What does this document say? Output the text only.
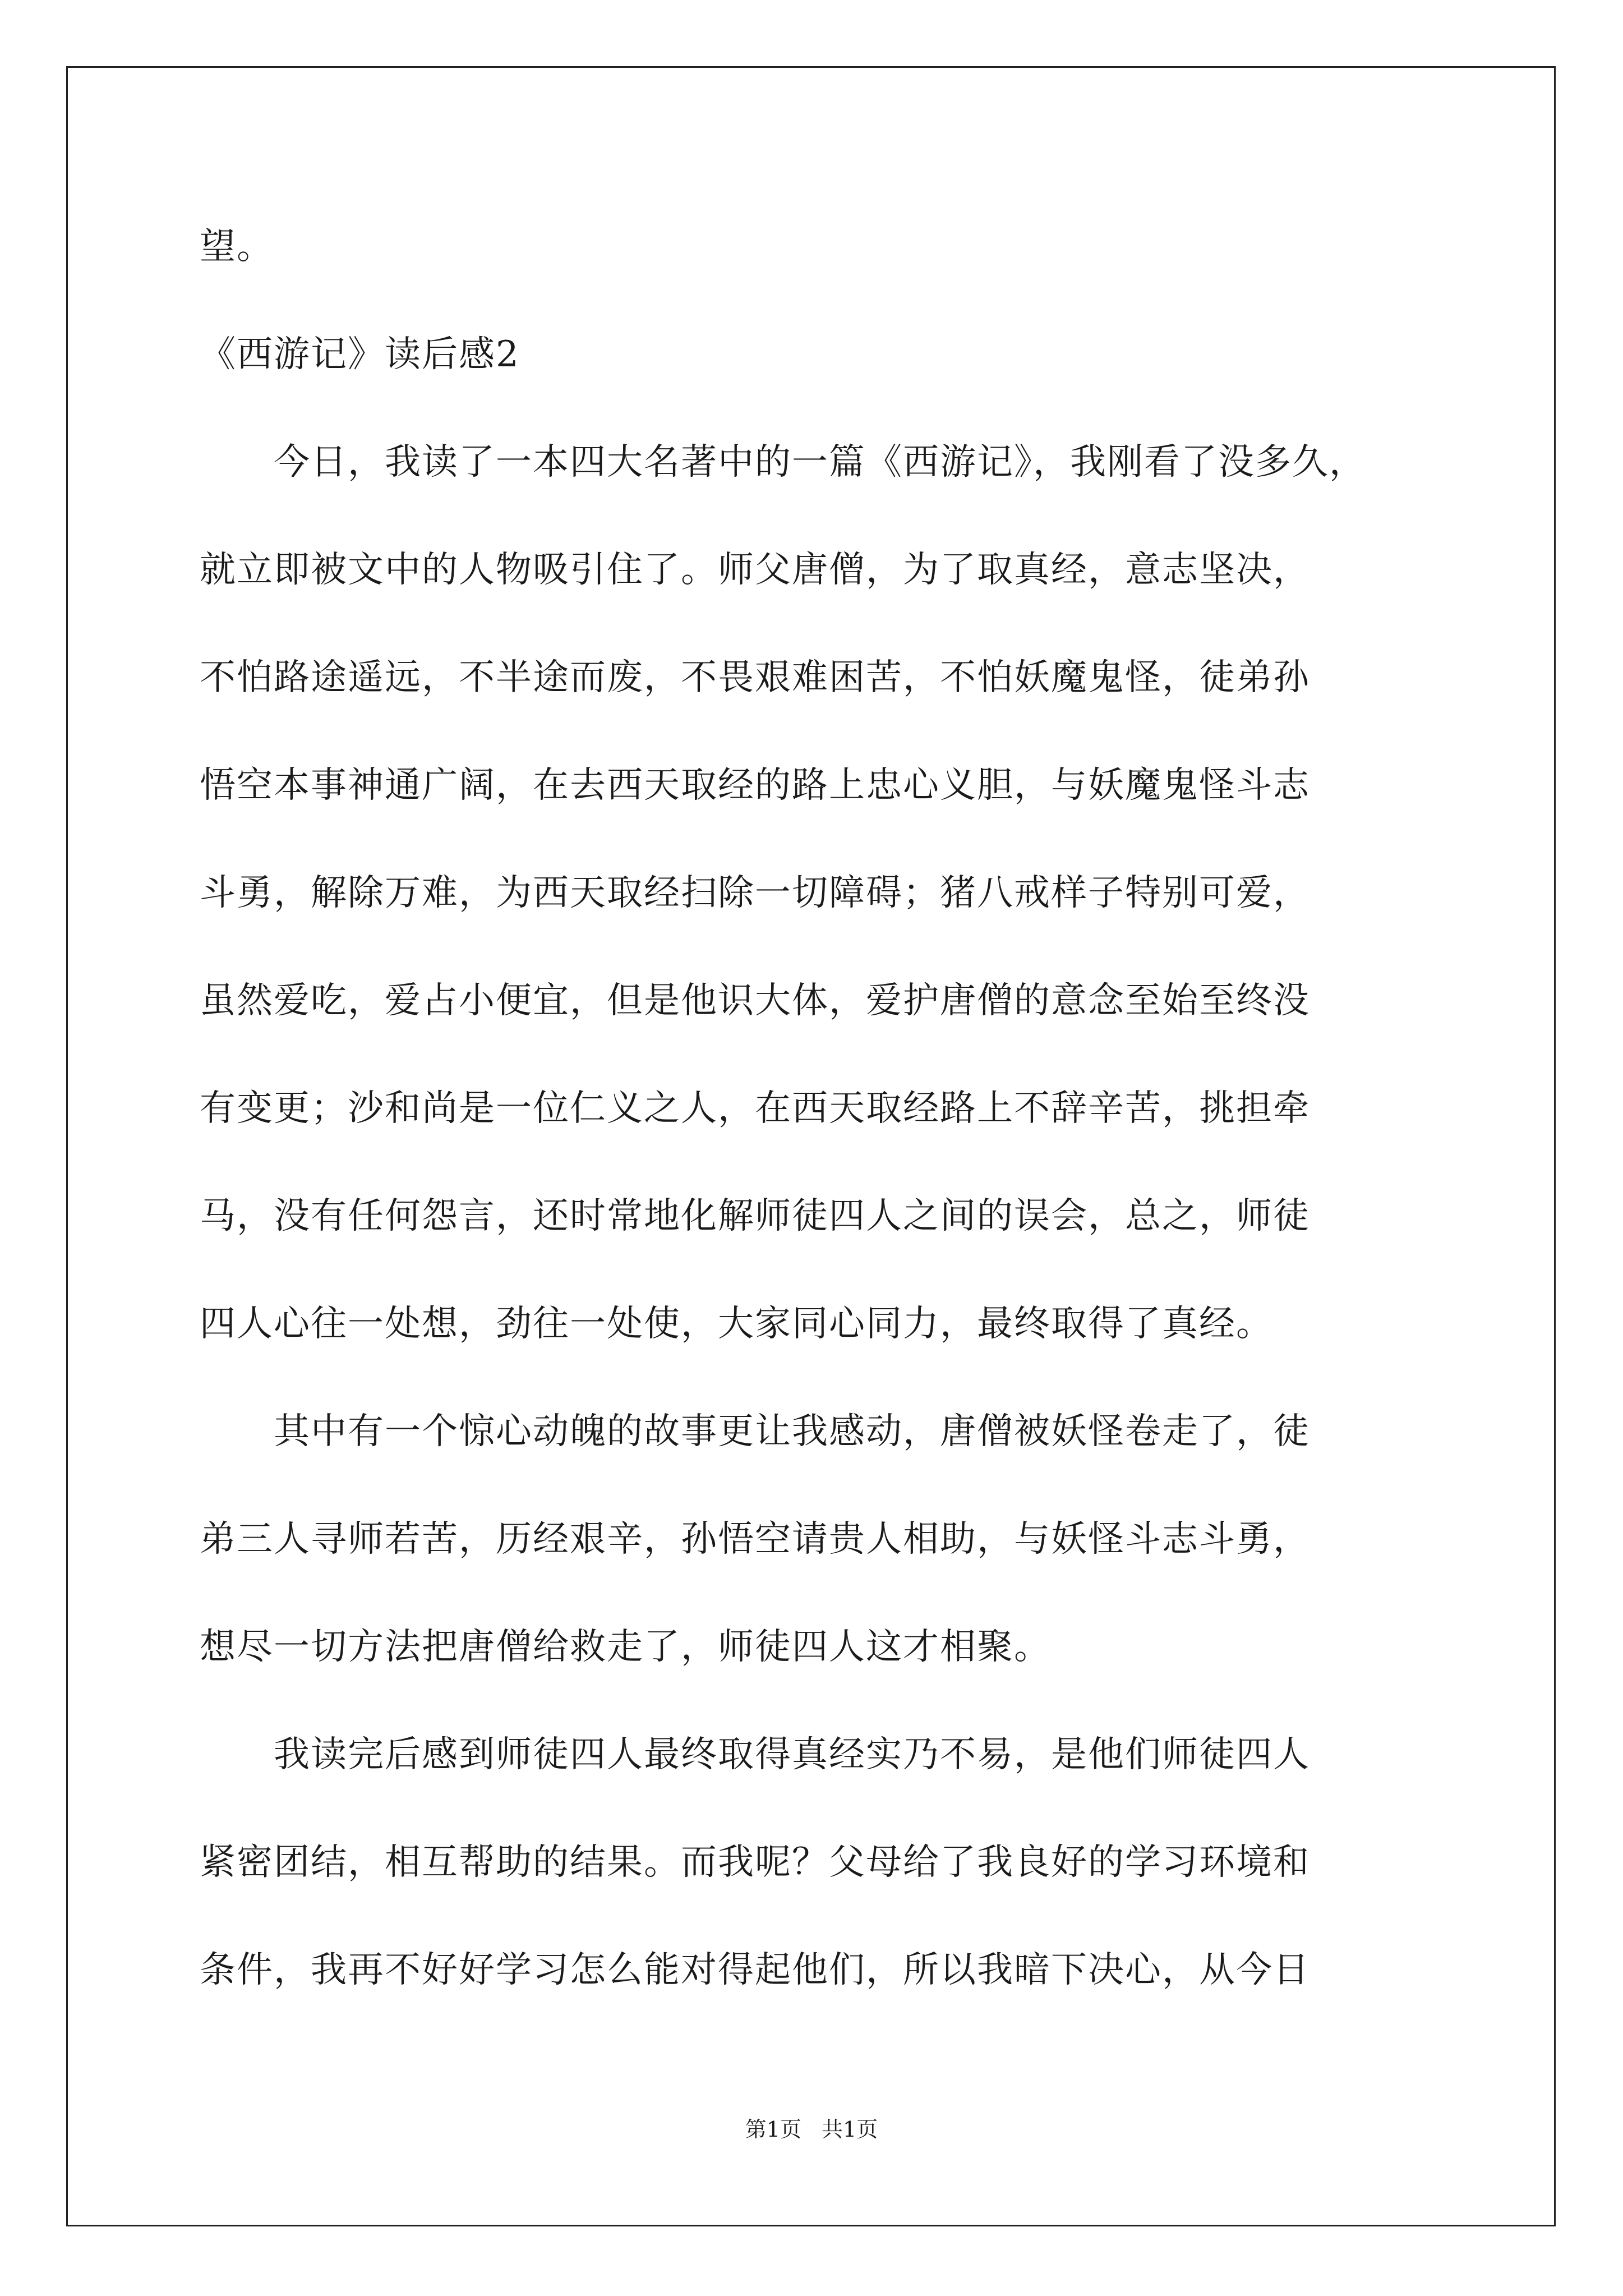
望。
《西游记》读后感2
　　今日，我读了一本四大名著中的一篇《西游记》，我刚看了没多久，
就立即被文中的人物吸引住了。师父唐僧，为了取真经，意志坚决，
不怕路途遥远，不半途而废，不畏艰难困苦，不怕妖魔鬼怪，徒弟孙
悟空本事神通广阔，在去西天取经的路上忠心义胆，与妖魔鬼怪斗志
斗勇，解除万难，为西天取经扫除一切障碍；猪八戒样子特别可爱，
虽然爱吃，爱占小便宜，但是他识大体，爱护唐僧的意念至始至终没
有变更；沙和尚是一位仁义之人，在西天取经路上不辞辛苦，挑担牵
马，没有任何怨言，还时常地化解师徒四人之间的误会，总之，师徒
四人心往一处想，劲往一处使，大家同心同力，最终取得了真经。
　　其中有一个惊心动魄的故事更让我感动，唐僧被妖怪卷走了，徒
弟三人寻师若苦，历经艰辛，孙悟空请贵人相助，与妖怪斗志斗勇，
想尽一切方法把唐僧给救走了，师徒四人这才相聚。
　　我读完后感到师徒四人最终取得真经实乃不易，是他们师徒四人
紧密团结，相互帮助的结果。而我呢？父母给了我良好的学习环境和
条件，我再不好好学习怎么能对得起他们，所以我暗下决心，从今日
第1页 共1页
